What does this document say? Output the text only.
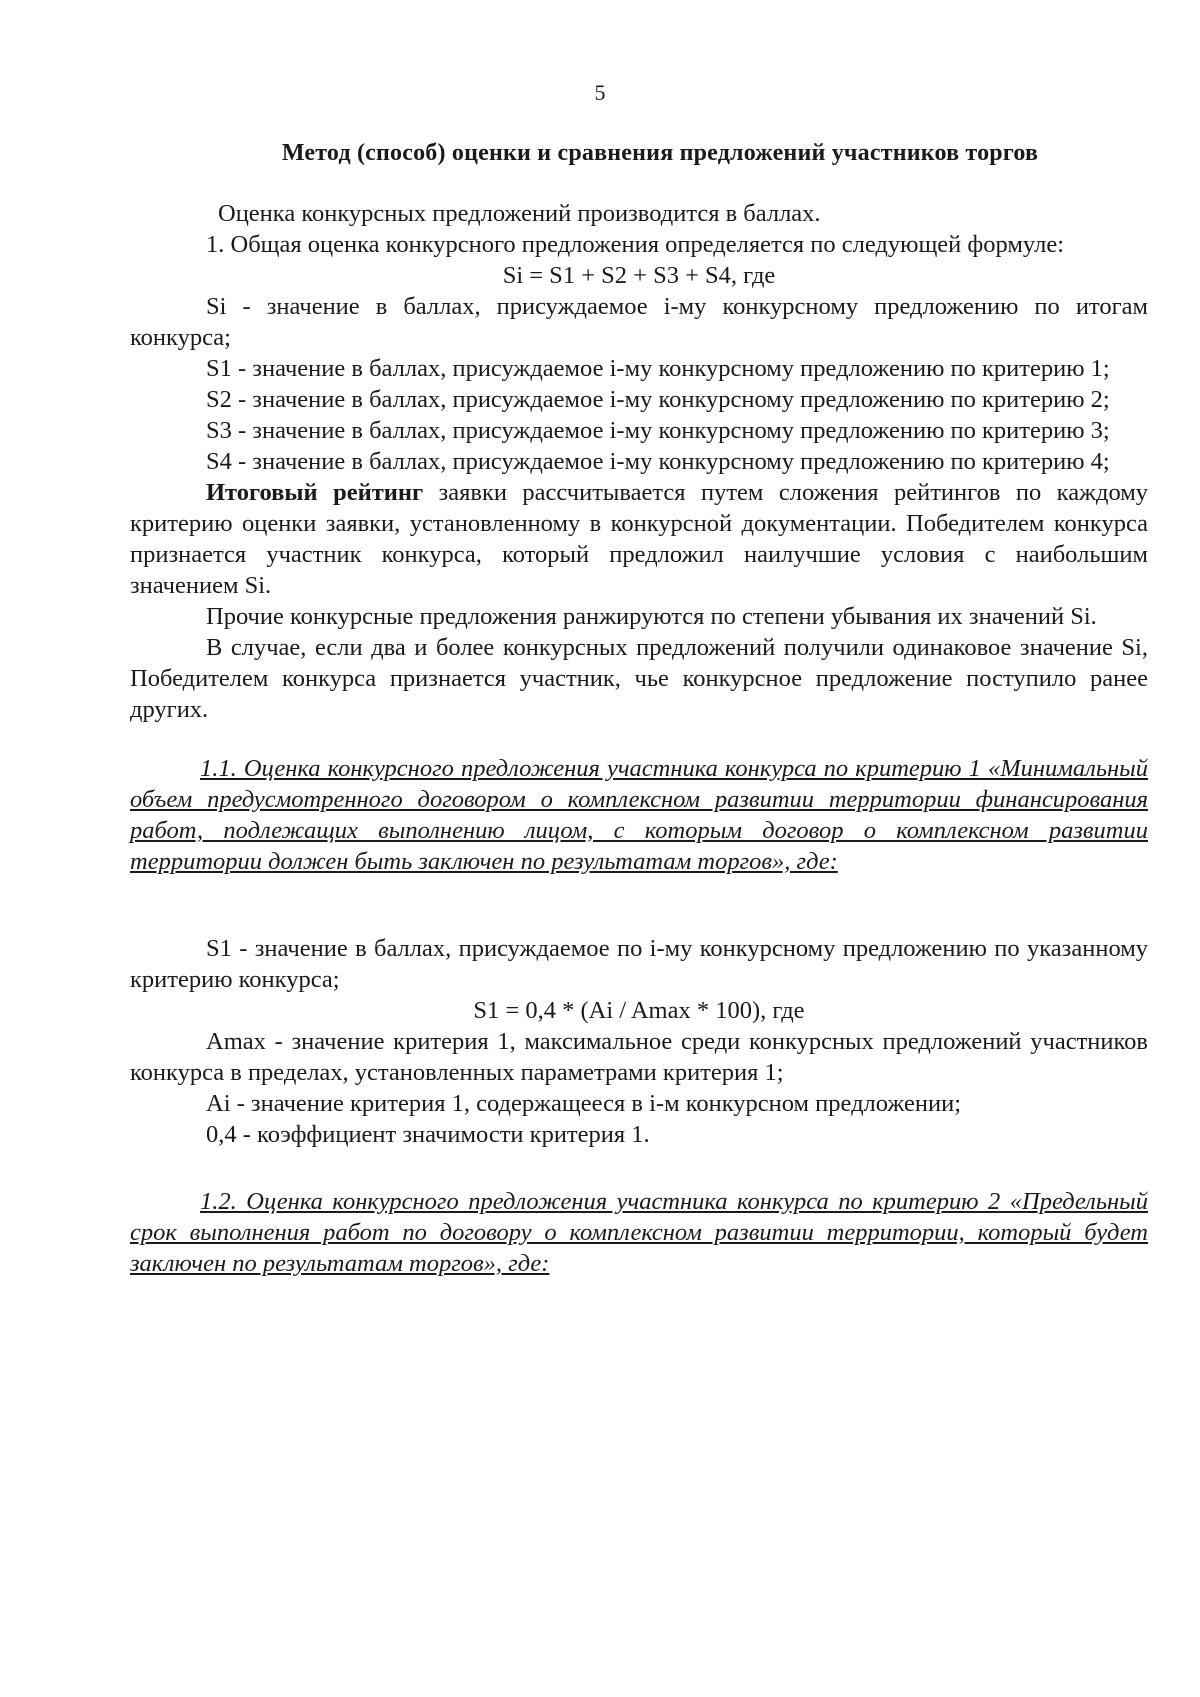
5
Метод (способ) оценки и сравнения предложений участников торгов

Оценка конкурсных предложений производится в баллах.

1. Общая оценка конкурсного предложения определяется по следующей формуле:

Si = S1 + S2 + S3 + S4, где

Si - значение в баллах, присуждаемое i-му конкурсному предложению по итогам конкурса;

S1 - значение в баллах, присуждаемое i-му конкурсному предложению по критерию 1;

S2 - значение в баллах, присуждаемое i-му конкурсному предложению по критерию 2;

S3 - значение в баллах, присуждаемое i-му конкурсному предложению по критерию 3;

S4 - значение в баллах, присуждаемое i-му конкурсному предложению по критерию 4;

Итоговый рейтинг заявки рассчитывается путем сложения рейтингов по каждому критерию оценки заявки, установленному в конкурсной документации. Победителем конкурса признается участник конкурса, который предложил наилучшие условия с наибольшим значением Si.

Прочие конкурсные предложения ранжируются по степени убывания их значений Si.

В случае, если два и более конкурсных предложений получили одинаковое значение Si, Победителем конкурса признается участник, чье конкурсное предложение поступило ранее других.

1.1. Оценка конкурсного предложения участника конкурса по критерию 1 «Минимальный объем предусмотренного договором о комплексном развитии территории финансирования работ, подлежащих выполнению лицом, с которым договор о комплексном развитии территории должен быть заключен по результатам торгов», где:

S1 - значение в баллах, присуждаемое по i-му конкурсному предложению по указанному критерию конкурса;

S1 = 0,4 * (Ai / Amax * 100), где

Amax - значение критерия 1, максимальное среди конкурсных предложений участников конкурса в пределах, установленных параметрами критерия 1;

Ai - значение критерия 1, содержащееся в i-м конкурсном предложении;

0,4 - коэффициент значимости критерия 1.

1.2. Оценка конкурсного предложения участника конкурса по критерию 2 «Предельный срок выполнения работ по договору о комплексном развитии территории, который будет заключен по результатам торгов», где:
